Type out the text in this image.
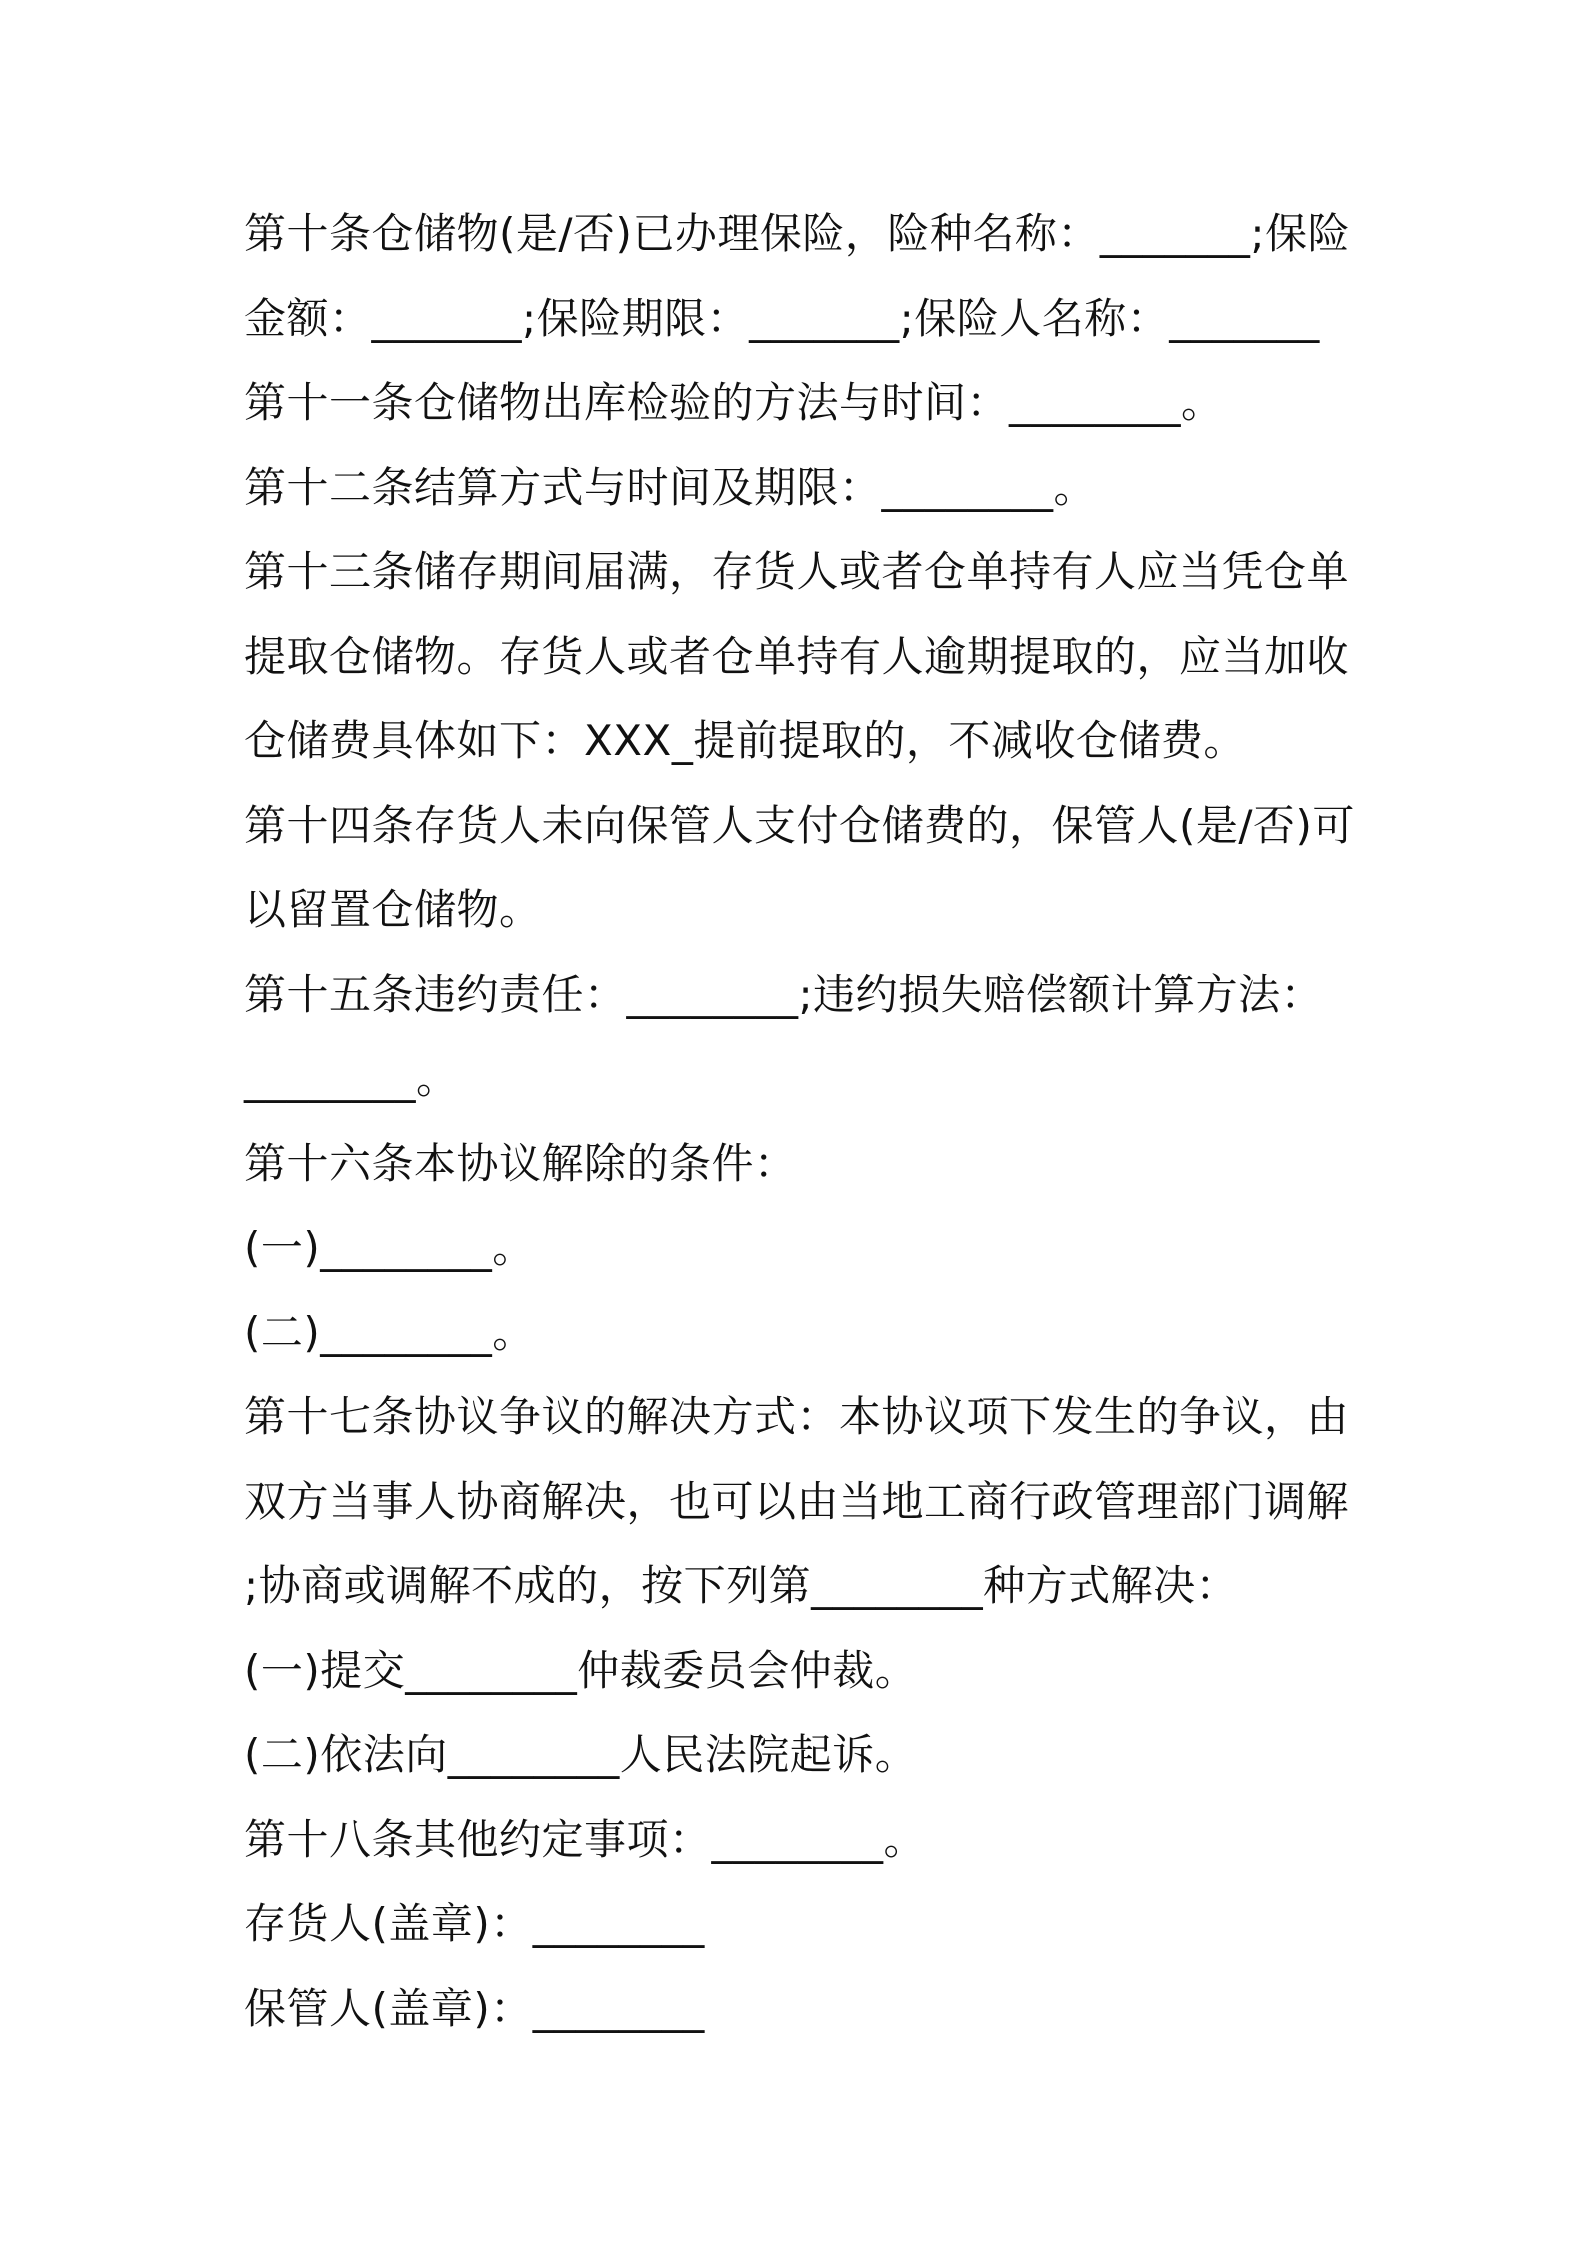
第十条仓储物(是/否)已办理保险，险种名称：_______;保险
金额：_______;保险期限：_______;保险人名称：_______
第十一条仓储物出库检验的方法与时间：________。
第十二条结算方式与时间及期限：________。
第十三条储存期间届满，存货人或者仓单持有人应当凭仓单
提取仓储物。存货人或者仓单持有人逾期提取的，应当加收
仓储费具体如下：XXX_提前提取的，不减收仓储费。
第十四条存货人未向保管人支付仓储费的，保管人(是/否)可
以留置仓储物。
第十五条违约责任：________;违约损失赔偿额计算方法：
________。
第十六条本协议解除的条件：
(一)________。
(二)________。
第十七条协议争议的解决方式：本协议项下发生的争议，由
双方当事人协商解决，也可以由当地工商行政管理部门调解
;协商或调解不成的，按下列第________种方式解决：
(一)提交________仲裁委员会仲裁。
(二)依法向________人民法院起诉。
第十八条其他约定事项：________。
存货人(盖章)：________
保管人(盖章)：________
